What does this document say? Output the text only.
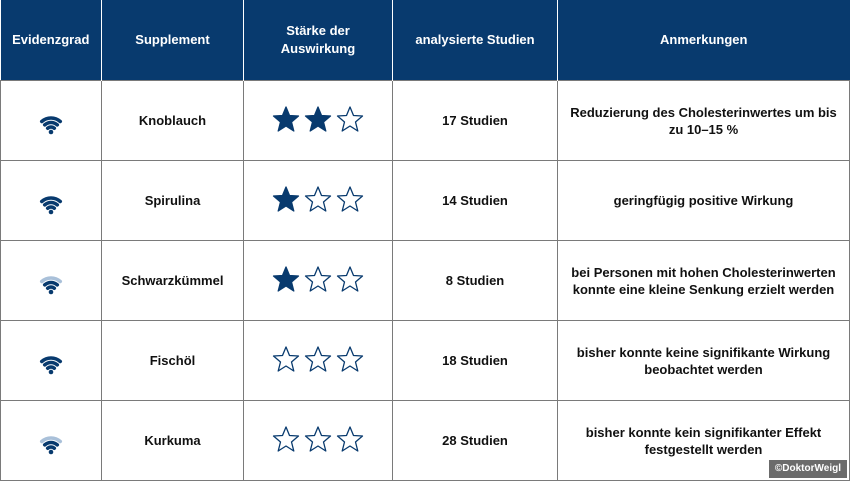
Evidenzgrad	Supplement	Stärke der Auswirkung	analysierte Studien	Anmerkungen

	Knoblauch		17 Studien	Reduzierung des Cholesterinwertes um bis zu 10–15 %

	Spirulina		14 Studien	geringfügig positive Wirkung

	Schwarzkümmel		8 Studien	bei Personen mit hohen Cholesterinwerten konnte eine kleine Senkung erzielt werden

	Fischöl		18 Studien	bisher konnte keine signifikante Wirkung beobachtet werden

	Kurkuma		28 Studien	bisher konnte kein signifikanter Effekt festgestellt werden
©DoktorWeigl
